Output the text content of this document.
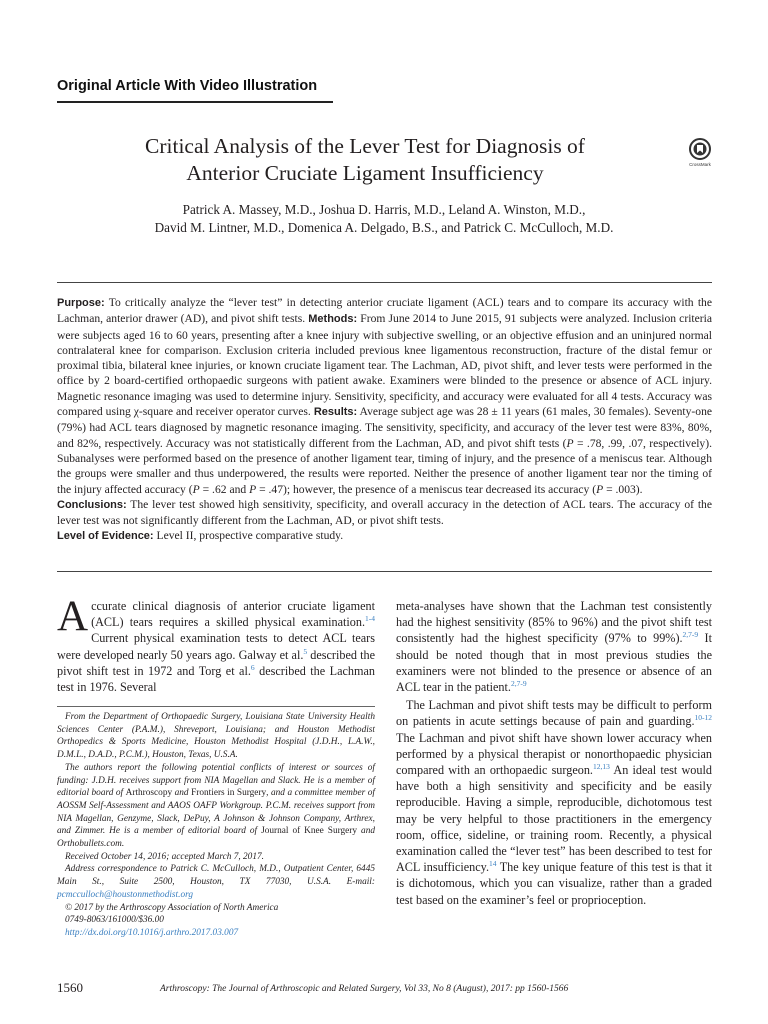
Original Article With Video Illustration
Critical Analysis of the Lever Test for Diagnosis of
Anterior Cruciate Ligament Insufficiency	CrossMark
Patrick A. Massey, M.D., Joshua D. Harris, M.D., Leland A. Winston, M.D.,
David M. Lintner, M.D., Domenica A. Delgado, B.S., and Patrick C. McCulloch, M.D.
Purpose: To critically analyze the “lever test” in detecting anterior cruciate ligament (ACL) tears and to compare its accuracy with the Lachman, anterior drawer (AD), and pivot shift tests. Methods: From June 2014 to June 2015, 91 subjects were analyzed. Inclusion criteria were subjects aged 16 to 60 years, presenting after a knee injury with subjective swelling, or an objective effusion and an uninjured normal contralateral knee for comparison. Exclusion criteria included previous knee ligamentous reconstruction, fracture of the distal femur or proximal tibia, bilateral knee injuries, or known cruciate ligament tear. The Lachman, AD, pivot shift, and lever tests were performed in the office by 2 board-certified orthopaedic surgeons with patient awake. Examiners were blinded to the presence or absence of ACL injury. Magnetic resonance imaging was used to determine injury. Sensitivity, specificity, and accuracy were evaluated for all 4 tests. Accuracy was compared using χ-square and receiver operator curves. Results: Average subject age was 28 ± 11 years (61 males, 30 females). Seventy-one (79%) had ACL tears diagnosed by magnetic resonance imaging. The sensitivity, specificity, and accuracy of the lever test were 83%, 80%, and 82%, respectively. Accuracy was not statistically different from the Lachman, AD, and pivot shift tests (P = .78, .99, .07, respectively). Subanalyses were performed based on the presence of another ligament tear, timing of injury, and the presence of a meniscus tear. Although the groups were smaller and thus underpowered, the results were reported. Neither the presence of another ligament tear nor the timing of the injury affected accuracy (P = .62 and P = .47); however, the presence of a meniscus tear decreased its accuracy (P = .003).
Conclusions: The lever test showed high sensitivity, specificity, and overall accuracy in the detection of ACL tears. The accuracy of the lever test was not significantly different from the Lachman, AD, or pivot shift tests.
Level of Evidence: Level II, prospective comparative study.

Accurate clinical diagnosis of anterior cruciate ligament (ACL) tears requires a skilled physical examination.$^{1-4}$ Current physical examination tests to detect ACL tears were developed nearly 50 years ago. Galway et al.$^5$ described the pivot shift test in 1972 and Torg et al.$^6$ described the Lachman test in 1976. Several

From the Department of Orthopaedic Surgery, Louisiana State University Health Sciences Center (P.A.M.), Shreveport, Louisiana; and Houston Methodist Orthopedics & Sports Medicine, Houston Methodist Hospital (J.D.H., L.A.W., D.M.L., D.A.D., P.C.M.), Houston, Texas, U.S.A.

The authors report the following potential conflicts of interest or sources of funding: J.D.H. receives support from NIA Magellan and Slack. He is a member of editorial board of Arthroscopy and Frontiers in Surgery, and a committee member of AOSSM Self-Assessment and AAOS OAFP Workgroup. P.C.M. receives support from NIA Magellan, Genzyme, Slack, DePuy, A Johnson & Johnson Company, Arthrex, and Zimmer. He is a member of editorial board of Journal of Knee Surgery and Orthobullets.com.

Received October 14, 2016; accepted March 7, 2017.

Address correspondence to Patrick C. McCulloch, M.D., Outpatient Center, 6445 Main St., Suite 2500, Houston, TX 77030, U.S.A. E-mail: pcmcculloch@houstonmethodist.org

© 2017 by the Arthroscopy Association of North America

0749-8063/161000/$36.00

http://dx.doi.org/10.1016/j.arthro.2017.03.007

meta-analyses have shown that the Lachman test consistently had the highest sensitivity (85% to 96%) and the pivot shift test consistently had the highest specificity (97% to 99%).$^{2,7-9}$ It should be noted though that in most previous studies the examiners were not blinded to the presence or absence of an ACL tear in the patient.$^{2,7-9}$

The Lachman and pivot shift tests may be difficult to perform on patients in acute settings because of pain and guarding.$^{10-12}$ The Lachman and pivot shift have shown lower accuracy when performed by a physical therapist or nonorthopaedic physician compared with an orthopaedic surgeon.$^{12,13}$ An ideal test would have both a high sensitivity and specificity and be easily reproducible. Having a simple, reproducible, dichotomous test may be very helpful to those practitioners in the emergency room, office, sideline, or training room. Recently, a physical examination called the “lever test” has been described to test for ACL insufficiency.$^{14}$ The key unique feature of this test is that it is dichotomous, which you can visualize, rather than a graded test based on the examiner’s feel or proprioception.

1560	Arthroscopy: The Journal of Arthroscopic and Related Surgery, Vol 33, No 8 (August), 2017: pp 1560-1566
